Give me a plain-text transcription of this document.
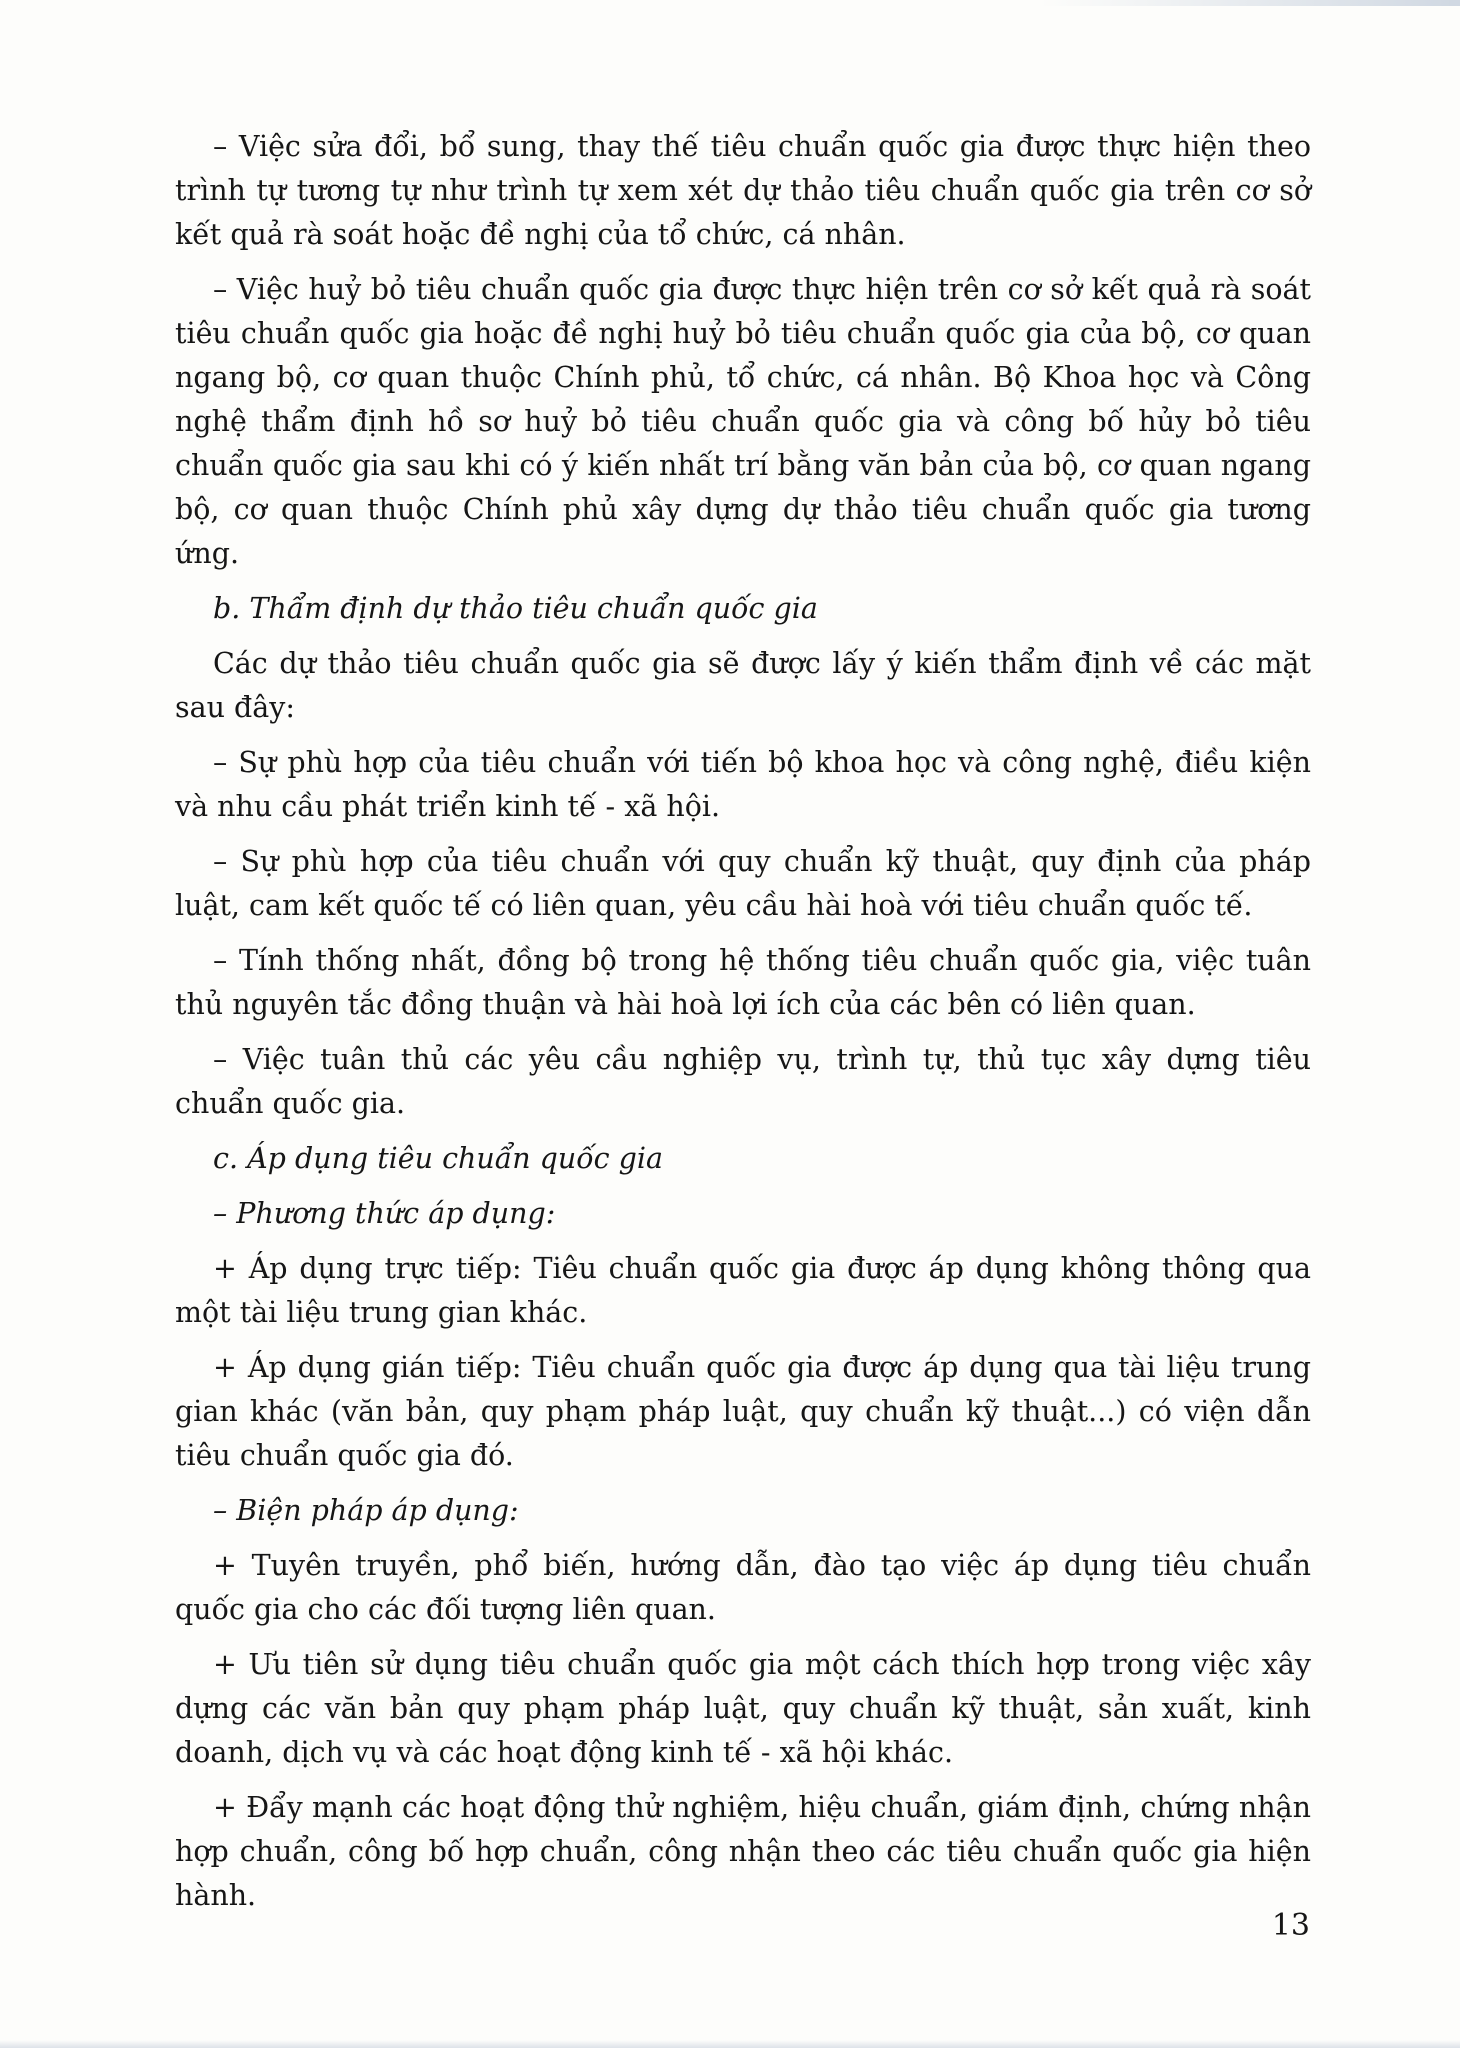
– Việc sửa đổi, bổ sung, thay thế tiêu chuẩn quốc gia được thực hiện theo trình tự tương tự như trình tự xem xét dự thảo tiêu chuẩn quốc gia trên cơ sở kết quả rà soát hoặc đề nghị của tổ chức, cá nhân.

– Việc huỷ bỏ tiêu chuẩn quốc gia được thực hiện trên cơ sở kết quả rà soát tiêu chuẩn quốc gia hoặc đề nghị huỷ bỏ tiêu chuẩn quốc gia của bộ, cơ quan ngang bộ, cơ quan thuộc Chính phủ, tổ chức, cá nhân. Bộ Khoa học và Công nghệ thẩm định hồ sơ huỷ bỏ tiêu chuẩn quốc gia và công bố hủy bỏ tiêu chuẩn quốc gia sau khi có ý kiến nhất trí bằng văn bản của bộ, cơ quan ngang bộ, cơ quan thuộc Chính phủ xây dựng dự thảo tiêu chuẩn quốc gia tương ứng.

b. Thẩm định dự thảo tiêu chuẩn quốc gia

Các dự thảo tiêu chuẩn quốc gia sẽ được lấy ý kiến thẩm định về các mặt sau đây:

– Sự phù hợp của tiêu chuẩn với tiến bộ khoa học và công nghệ, điều kiện và nhu cầu phát triển kinh tế - xã hội.

– Sự phù hợp của tiêu chuẩn với quy chuẩn kỹ thuật, quy định của pháp luật, cam kết quốc tế có liên quan, yêu cầu hài hoà với tiêu chuẩn quốc tế.

– Tính thống nhất, đồng bộ trong hệ thống tiêu chuẩn quốc gia, việc tuân thủ nguyên tắc đồng thuận và hài hoà lợi ích của các bên có liên quan.

– Việc tuân thủ các yêu cầu nghiệp vụ, trình tự, thủ tục xây dựng tiêu chuẩn quốc gia.

c. Áp dụng tiêu chuẩn quốc gia

– Phương thức áp dụng:

+ Áp dụng trực tiếp: Tiêu chuẩn quốc gia được áp dụng không thông qua một tài liệu trung gian khác.

+ Áp dụng gián tiếp: Tiêu chuẩn quốc gia được áp dụng qua tài liệu trung gian khác (văn bản, quy phạm pháp luật, quy chuẩn kỹ thuật...) có viện dẫn tiêu chuẩn quốc gia đó.

– Biện pháp áp dụng:

+ Tuyên truyền, phổ biến, hướng dẫn, đào tạo việc áp dụng tiêu chuẩn quốc gia cho các đối tượng liên quan.

+ Ưu tiên sử dụng tiêu chuẩn quốc gia một cách thích hợp trong việc xây dựng các văn bản quy phạm pháp luật, quy chuẩn kỹ thuật, sản xuất, kinh doanh, dịch vụ và các hoạt động kinh tế - xã hội khác.

+ Đẩy mạnh các hoạt động thử nghiệm, hiệu chuẩn, giám định, chứng nhận hợp chuẩn, công bố hợp chuẩn, công nhận theo các tiêu chuẩn quốc gia hiện hành.

13
